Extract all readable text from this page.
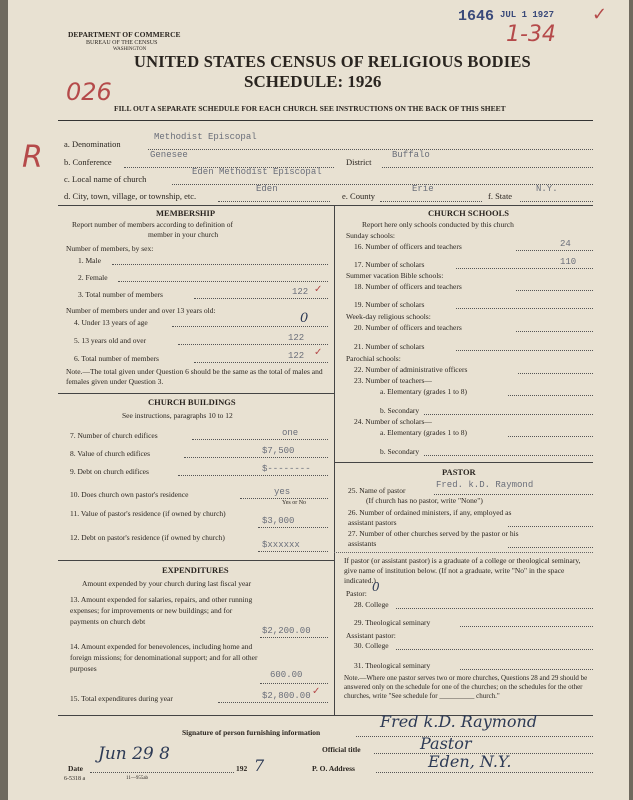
DEPARTMENT OF COMMERCE
BUREAU OF THE CENSUS
WASHINGTON
1646 JUL 1 1927
1-34
✓
UNITED STATES CENSUS OF RELIGIOUS BODIES
SCHEDULE: 1926
026
FILL OUT A SEPARATE SCHEDULE FOR EACH CHURCH. SEE INSTRUCTIONS ON THE BACK OF THIS SHEET
R a. Denomination
Methodist Episcopal
b. Conference
Genesee
District
Buffalo
c. Local name of church
Eden Methodist Episcopal
d. City, town, village, or township, etc.
Eden
e. County
Erie
f. State
N.Y.
MEMBERSHIP
Report number of members according to definition of
member in your church
Number of members, by sex:
1. Male
2. Female
3. Total number of members	122 ✓
Number of members under and over 13 years old:
4. Under 13 years of age	0
5. 13 years old and over	122
6. Total number of members	122 ✓
Note.—The total given under Question 6 should be the same as the total of males and females given under Question 3.
CHURCH BUILDINGS
See instructions, paragraphs 10 to 12
7. Number of church edifices	one
8. Value of church edifices	$7,500
9. Debt on church edifices	$--------
10. Does church own pastor's residence	yes
Yes or No
11. Value of pastor's residence (if owned by church)
$3,000
12. Debt on pastor's residence (if owned by church)
$xxxxxx
EXPENDITURES
Amount expended by your church during last fiscal year
13. Amount expended for salaries, repairs, and other running expenses; for improvements or new buildings; and for payments on church debt
$2,200.00
14. Amount expended for benevolences, including home and foreign missions; for denominational support; and for all other purposes
600.00
15. Total expenditures during year	$2,800.00 ✓
CHURCH SCHOOLS
Report here only schools conducted by this church
Sunday schools:
16. Number of officers and teachers	24
17. Number of scholars	110
Summer vacation Bible schools:
18. Number of officers and teachers
19. Number of scholars
Week-day religious schools:
20. Number of officers and teachers
21. Number of scholars
Parochial schools:
22. Number of administrative officers
23. Number of teachers—
a. Elementary (grades 1 to 8)
b. Secondary
24. Number of scholars—
a. Elementary (grades 1 to 8)
b. Secondary
PASTOR
25. Name of pastor
Fred. k.D. Raymond
(If church has no pastor, write "None")
26. Number of ordained ministers, if any, employed as assistant pastors
27. Number of other churches served by the pastor or his assistants
If pastor (or assistant pastor) is a graduate of a college or theological seminary, give name of institution below. (If not a graduate, write "No" in the space indicated.)
Pastor: 0
28. College
29. Theological seminary
Assistant pastor:
30. College
31. Theological seminary
Note.—Where one pastor serves two or more churches, Questions 28 and 29 should be answered only on the schedule for one of the churches; on the schedules for the other churches, write "See schedule for __________ church."
Signature of person furnishing information
Fred k.D. Raymond
Official title	Pastor
Date
Jun 29 8
192 7	P. O. Address	Eden, N.Y.
6-5318 a	11—955ab
